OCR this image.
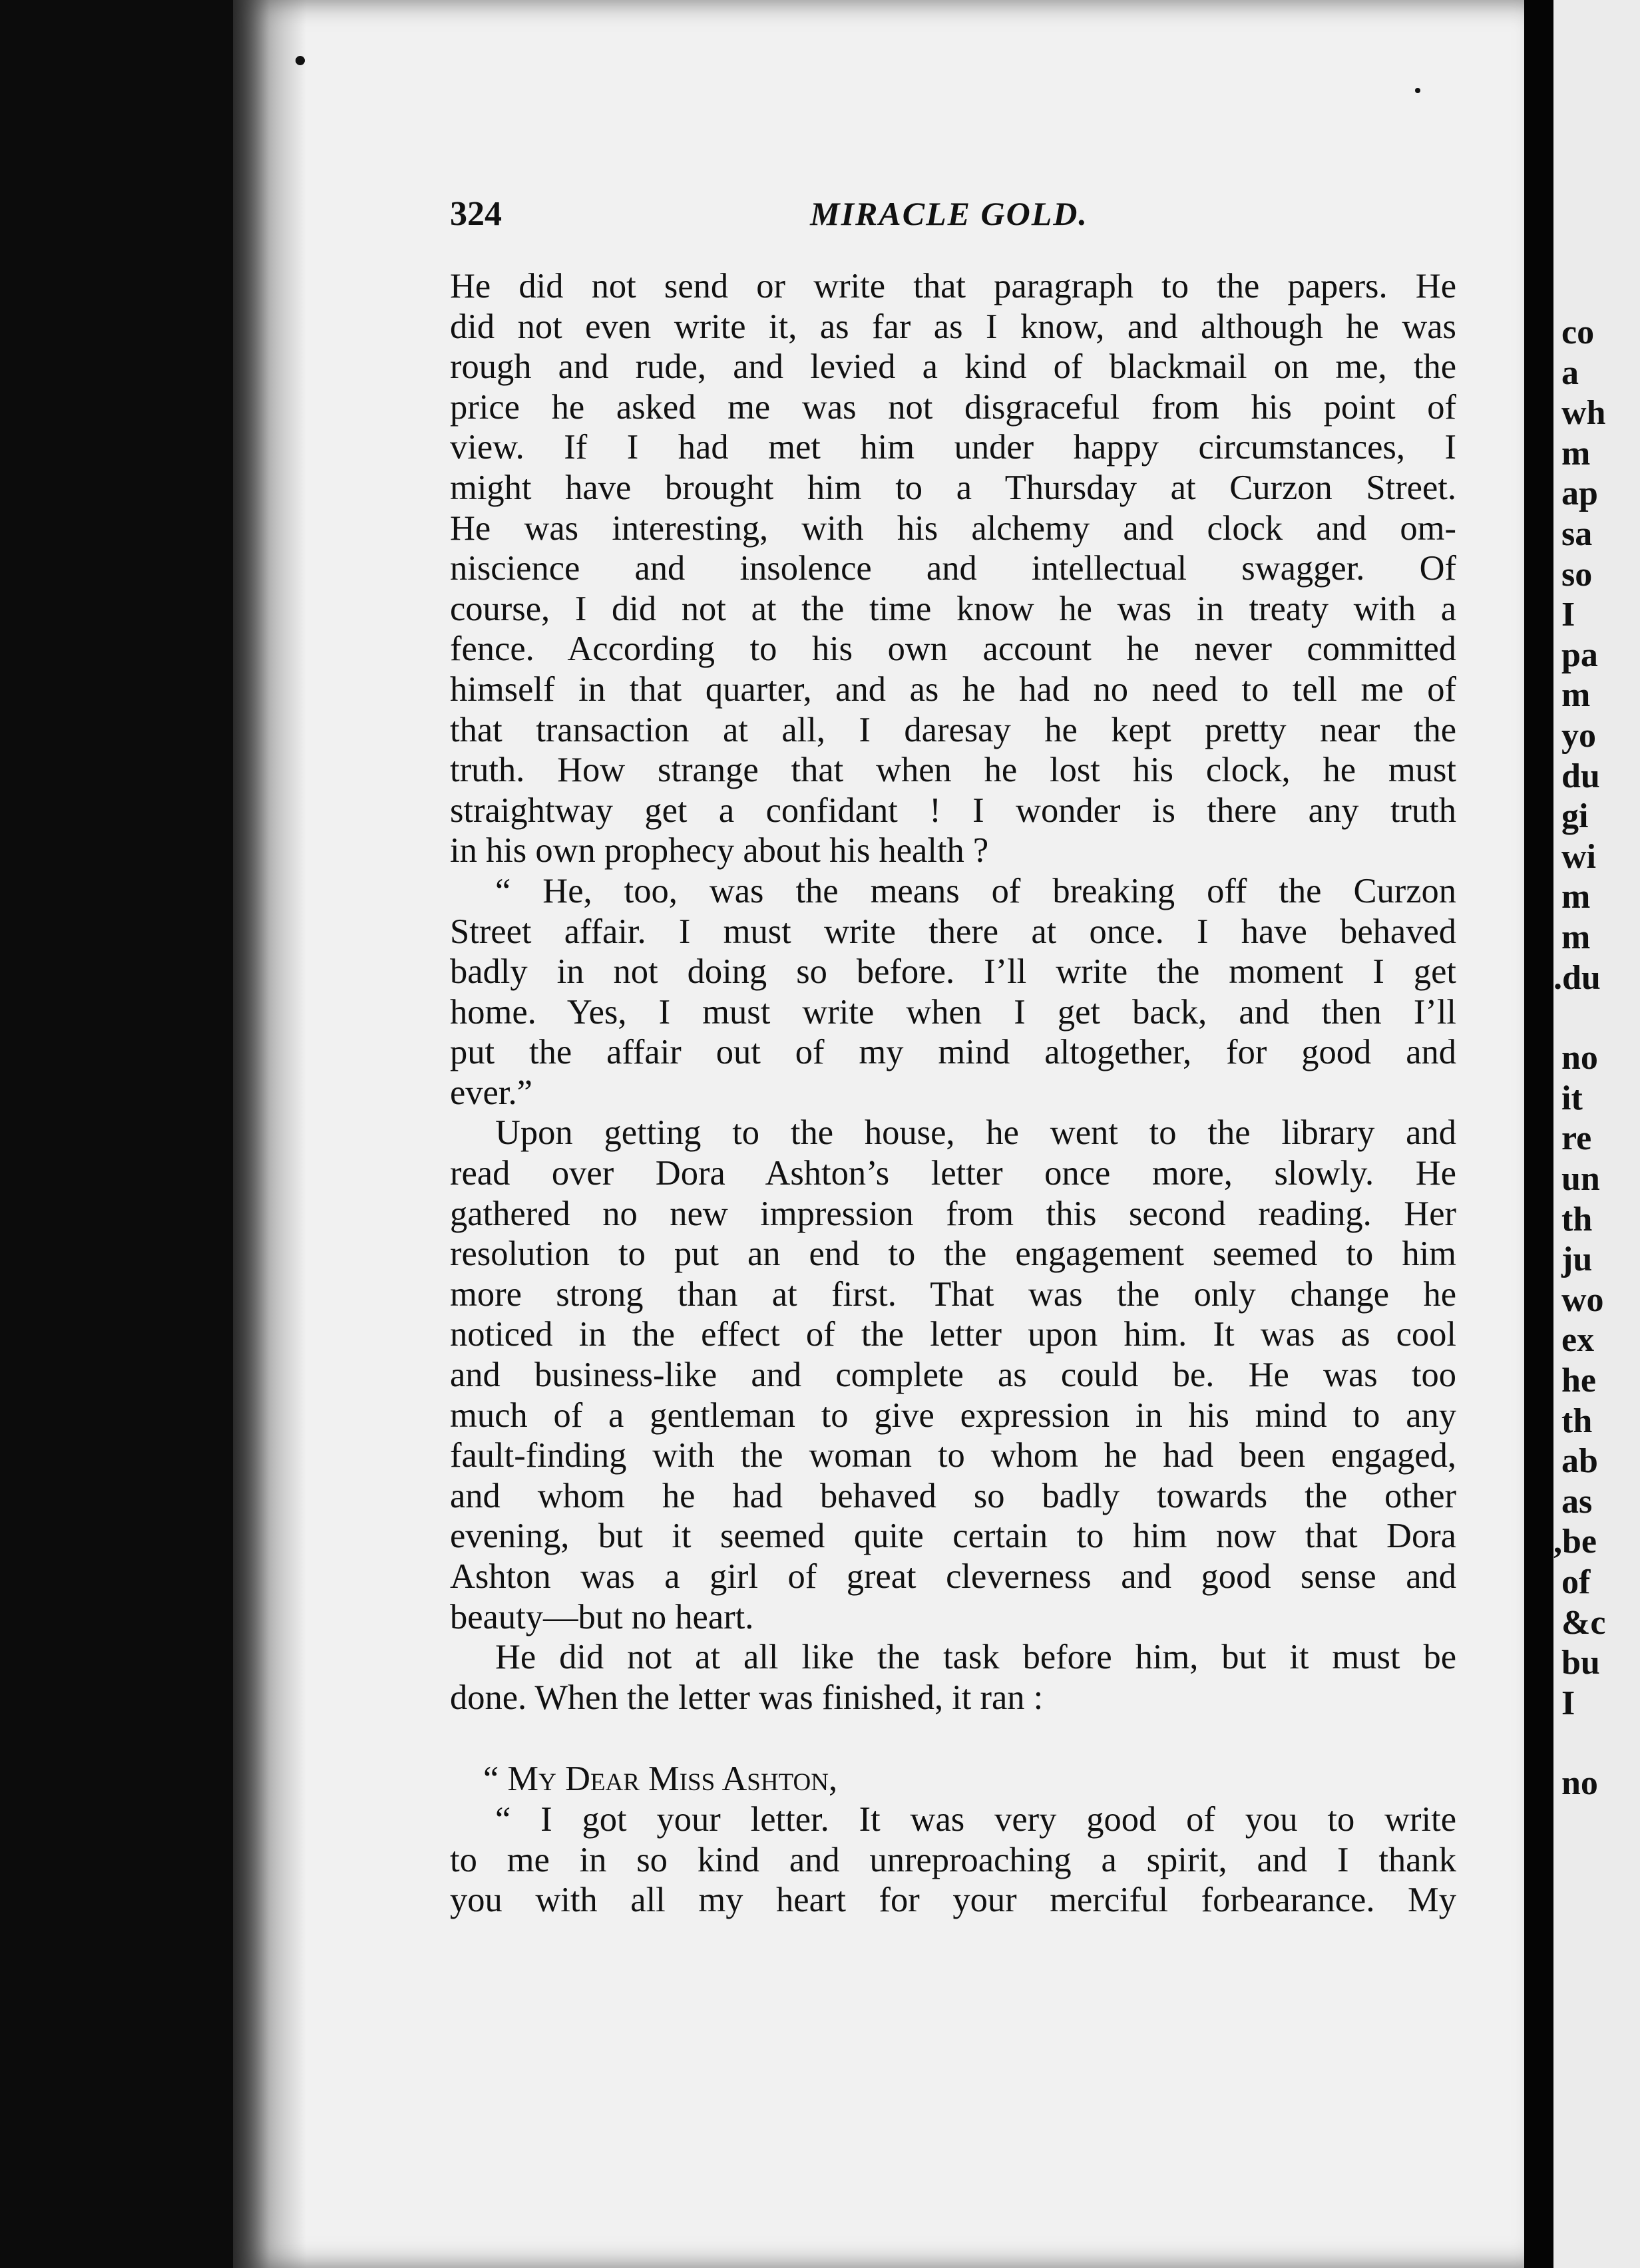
co
a
wh
m
ap
sa
so
I
pa
m
yo
du
gi
wi
m
m
.du
no
it
re
un
th
ju
wo
ex
he
th
ab
as
,be
of
&c
bu
I
no
324	MIRACLE GOLD.
He did not send or write that paragraph to the papers. He
did not even write it, as far as I know, and although he was
rough and rude, and levied a kind of blackmail on me, the
price he asked me was not disgraceful from his point of
view. If I had met him under happy circumstances, I
might have brought him to a Thursday at Curzon Street.
He was interesting, with his alchemy and clock and om-
niscience and insolence and intellectual swagger. Of
course, I did not at the time know he was in treaty with a
fence. According to his own account he never committed
himself in that quarter, and as he had no need to tell me of
that transaction at all, I daresay he kept pretty near the
truth. How strange that when he lost his clock, he must
straightway get a confidant ! I wonder is there any truth
in his own prophecy about his health ?
“ He, too, was the means of breaking off the Curzon
Street affair. I must write there at once. I have behaved
badly in not doing so before. I’ll write the moment I get
home. Yes, I must write when I get back, and then I’ll
put the affair out of my mind altogether, for good and
ever.”
Upon getting to the house, he went to the library and
read over Dora Ashton’s letter once more, slowly. He
gathered no new impression from this second reading. Her
resolution to put an end to the engagement seemed to him
more strong than at first. That was the only change he
noticed in the effect of the letter upon him. It was as cool
and business-like and complete as could be. He was too
much of a gentleman to give expression in his mind to any
fault-finding with the woman to whom he had been engaged,
and whom he had behaved so badly towards the other
evening, but it seemed quite certain to him now that Dora
Ashton was a girl of great cleverness and good sense and
beauty—but no heart.
He did not at all like the task before him, but it must be
done. When the letter was finished, it ran :
“ My Dear Miss Ashton,
“ I got your letter. It was very good of you to write
to me in so kind and unreproaching a spirit, and I thank
you with all my heart for your merciful forbearance. My
